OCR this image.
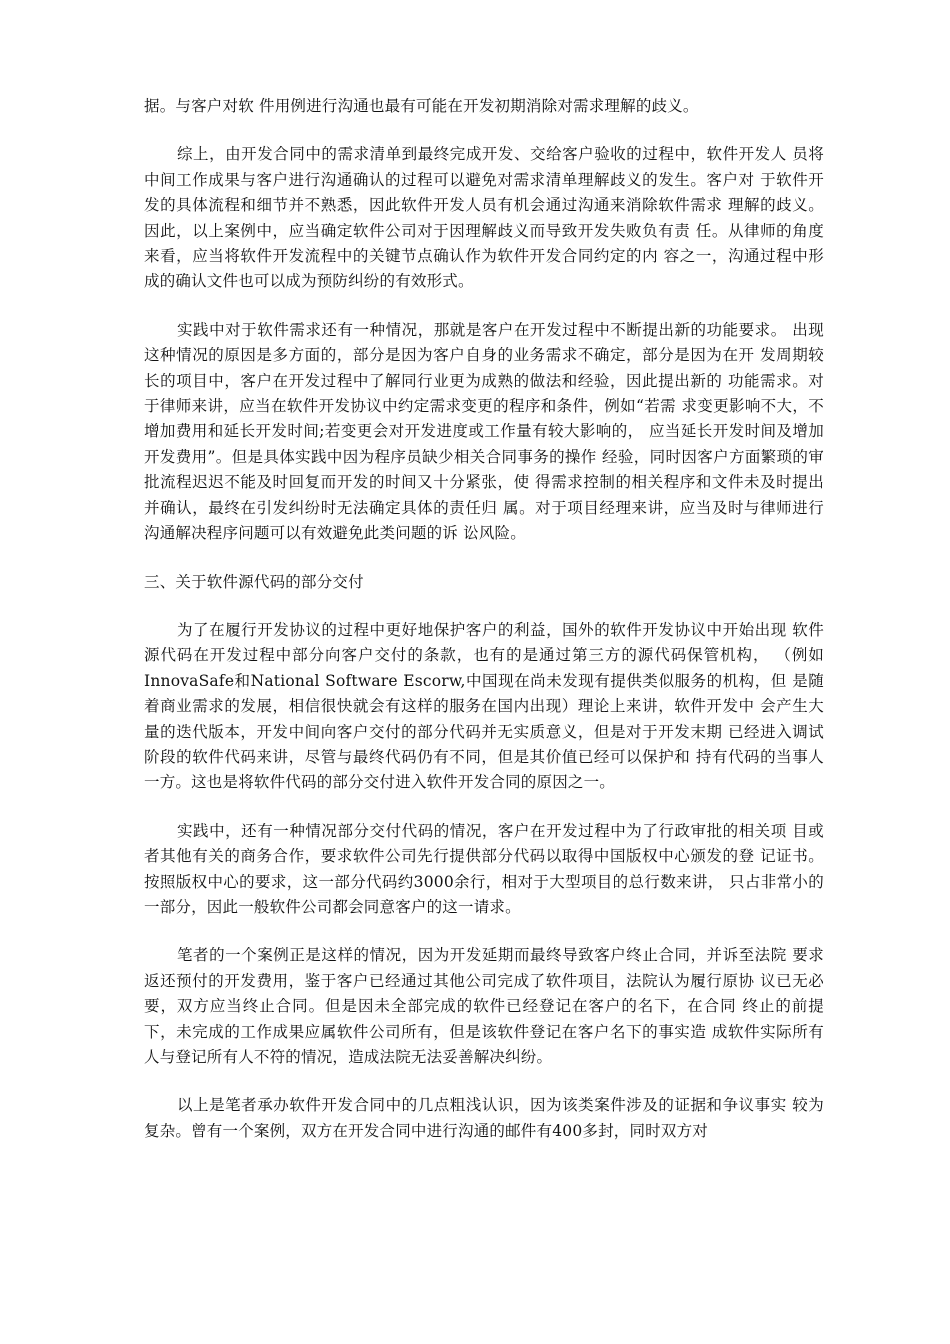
据。与客户对软 件用例进行沟通也最有可能在开发初期消除对需求理解的歧义。

综上，由开发合同中的需求清单到最终完成开发、交给客户验收的过程中，软件开发人 员将中间工作成果与客户进行沟通确认的过程可以避免对需求清单理解歧义的发生。客户对 于软件开发的具体流程和细节并不熟悉，因此软件开发人员有机会通过沟通来消除软件需求 理解的歧义。因此，以上案例中，应当确定软件公司对于因理解歧义而导致开发失败负有责 任。从律师的角度来看，应当将软件开发流程中的关键节点确认作为软件开发合同约定的内 容之一，沟通过程中形成的确认文件也可以成为预防纠纷的有效形式。

实践中对于软件需求还有一种情况，那就是客户在开发过程中不断提出新的功能要求。 出现这种情况的原因是多方面的，部分是因为客户自身的业务需求不确定，部分是因为在开 发周期较长的项目中，客户在开发过程中了解同行业更为成熟的做法和经验，因此提出新的 功能需求。对于律师来讲，应当在软件开发协议中约定需求变更的程序和条件，例如“若需 求变更影响不大，不增加费用和延长开发时间;若变更会对开发进度或工作量有较大影响的， 应当延长开发时间及增加开发费用”。但是具体实践中因为程序员缺少相关合同事务的操作 经验，同时因客户方面繁琐的审批流程迟迟不能及时回复而开发的时间又十分紧张，使 得需求控制的相关程序和文件未及时提出并确认，最终在引发纠纷时无法确定具体的责任归 属。对于项目经理来讲，应当及时与律师进行沟通解决程序问题可以有效避免此类问题的诉 讼风险。

三、关于软件源代码的部分交付

为了在履行开发协议的过程中更好地保护客户的利益，国外的软件开发协议中开始出现 软件源代码在开发过程中部分向客户交付的条款，也有的是通过第三方的源代码保管机构， （例如InnovaSafe和National Software Escorw,中国现在尚未发现有提供类似服务的机构，但 是随着商业需求的发展，相信很快就会有这样的服务在国内出现）理论上来讲，软件开发中 会产生大量的迭代版本，开发中间向客户交付的部分代码并无实质意义，但是对于开发末期 已经进入调试阶段的软件代码来讲，尽管与最终代码仍有不同，但是其价值已经可以保护和 持有代码的当事人一方。这也是将软件代码的部分交付进入软件开发合同的原因之一。

实践中，还有一种情况部分交付代码的情况，客户在开发过程中为了行政审批的相关项 目或者其他有关的商务合作，要求软件公司先行提供部分代码以取得中国版权中心颁发的登 记证书。按照版权中心的要求，这一部分代码约3000余行，相对于大型项目的总行数来讲， 只占非常小的一部分，因此一般软件公司都会同意客户的这一请求。

笔者的一个案例正是这样的情况，因为开发延期而最终导致客户终止合同，并诉至法院 要求返还预付的开发费用，鉴于客户已经通过其他公司完成了软件项目，法院认为履行原协 议已无必要，双方应当终止合同。但是因未全部完成的软件已经登记在客户的名下，在合同 终止的前提下，未完成的工作成果应属软件公司所有，但是该软件登记在客户名下的事实造 成软件实际所有人与登记所有人不符的情况，造成法院无法妥善解决纠纷。

以上是笔者承办软件开发合同中的几点粗浅认识，因为该类案件涉及的证据和争议事实 较为复杂。曾有一个案例，双方在开发合同中进行沟通的邮件有400多封，同时双方对
